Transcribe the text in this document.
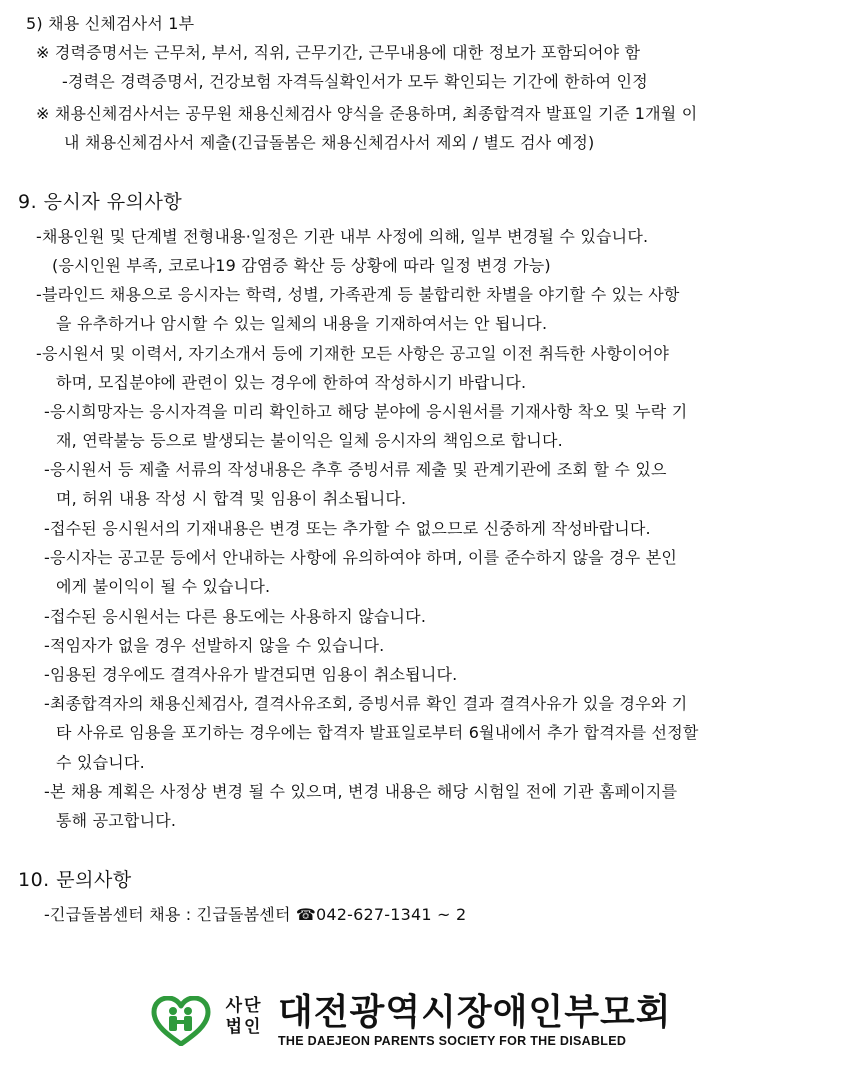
5) 채용 신체검사서 1부
※ 경력증명서는 근무처, 부서, 직위, 근무기간, 근무내용에 대한 정보가 포함되어야 함
-경력은 경력증명서, 건강보험 자격득실확인서가 모두 확인되는 기간에 한하여 인정
※ 채용신체검사서는 공무원 채용신체검사 양식을 준용하며, 최종합격자 발표일 기준 1개월 이
내 채용신체검사서 제출(긴급돌봄은 채용신체검사서 제외 / 별도 검사 예정)
9. 응시자 유의사항
-채용인원 및 단계별 전형내용·일정은 기관 내부 사정에 의해, 일부 변경될 수 있습니다.
(응시인원 부족, 코로나19 감염증 확산 등 상황에 따라 일정 변경 가능)
-블라인드 채용으로 응시자는 학력, 성별, 가족관계 등 불합리한 차별을 야기할 수 있는 사항
을 유추하거나 암시할 수 있는 일체의 내용을 기재하여서는 안 됩니다.
-응시원서 및 이력서, 자기소개서 등에 기재한 모든 사항은 공고일 이전 취득한 사항이어야
하며, 모집분야에 관련이 있는 경우에 한하여 작성하시기 바랍니다.
-응시희망자는 응시자격을 미리 확인하고 해당 분야에 응시원서를 기재사항 착오 및 누락 기
재, 연락불능 등으로 발생되는 불이익은 일체 응시자의 책임으로 합니다.
-응시원서 등 제출 서류의 작성내용은 추후 증빙서류 제출 및 관계기관에 조회 할 수 있으
며, 허위 내용 작성 시 합격 및 임용이 취소됩니다.
-접수된 응시원서의 기재내용은 변경 또는 추가할 수 없으므로 신중하게 작성바랍니다.
-응시자는 공고문 등에서 안내하는 사항에 유의하여야 하며, 이를 준수하지 않을 경우 본인
에게 불이익이 될 수 있습니다.
-접수된 응시원서는 다른 용도에는 사용하지 않습니다.
-적임자가 없을 경우 선발하지 않을 수 있습니다.
-임용된 경우에도 결격사유가 발견되면 임용이 취소됩니다.
-최종합격자의 채용신체검사, 결격사유조회, 증빙서류 확인 결과 결격사유가 있을 경우와 기
타 사유로 임용을 포기하는 경우에는 합격자 발표일로부터 6월내에서 추가 합격자를 선정할
수 있습니다.
-본 채용 계획은 사정상 변경 될 수 있으며, 변경 내용은 해당 시험일 전에 기관 홈페이지를
통해 공고합니다.
10. 문의사항
-긴급돌봄센터 채용 : 긴급돌봄센터 ☎042-627-1341 ~ 2
사단
법인 대전광역시장애인부모회
THE DAEJEON PARENTS SOCIETY FOR THE DISABLED
